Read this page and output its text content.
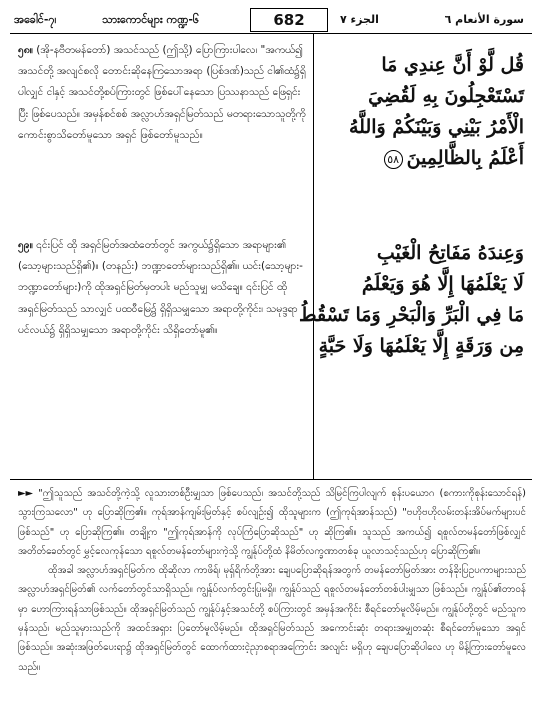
အခေါင်-၇၊	သားကောင်များ ကဏ္ဍ-၆	682	الجزء ٧	سورة الأنعام ٦

၅၈။ (အို-နဗီတမန်တော်) အသင်သည် (ဤသို့) ပြောကြားပါလေ၊ "အကယ်၍ အသင်တို့ အလျင်စလို တောင်းဆိုနေကြသောအရာ (ပြစ်ဒဏ်)သည် ငါ၏ထံ၌ရှိပါလျှင် ငါနှင့် အသင်တို့စပ်ကြားတွင် ဖြစ်ပေါ်နေသော ပြဿနာသည် ဖြေရှင်းပြီး ဖြစ်ပေသည်။ အမှန်စင်စစ် အလ္လာဟ်အရှင်မြတ်သည် မတရားသောသူတို့ကို ကောင်းစွာသိတော်မူသော အရှင် ဖြစ်တော်မူသည်။

قُل لَّوْ أَنَّ عِندِي مَا

تَسْتَعْجِلُونَ بِهِ لَقُضِيَ

الْأَمْرُ بَيْنِي وَبَيْنَكُمْ وَاللَّهُ

أَعْلَمُ بِالظَّالِمِينَ٥٨

၅၉။ ၎င်းပြင် ထို အရှင်မြတ်အထံတော်တွင် အကွယ်၌ရှိသော အရာများ၏ (သော့များသည်ရှိ၏)။ (တနည်း) ဘဏ္ဍာတော်များသည်ရှိ၏။ ယင်း(သော့များ-ဘဏ္ဍာတော်များ)ကို ထိုအရှင်မြတ်မှတပါး မည်သူမျှ မသိချေ။ ၎င်းပြင် ထိုအရှင်မြတ်သည် သာလျှင် ပထဝီမြေ၌ ရှိရှိသမျှသော အရာတို့ကိုင်း၊ သမုဒ္ဒရာ ပင်လယ်၌ ရှိရှိသမျှသော အရာတို့ကိုင်း သိရှိတော်မူ၏။

وَعِندَهُ مَفَاتِحُ الْغَيْبِ

لَا يَعْلَمُهَا إِلَّا هُوَ وَيَعْلَمُ

مَا فِي الْبَرِّ وَالْبَحْرِ وَمَا تَسْقُطُ

مِن وَرَقَةٍ إِلَّا يَعْلَمُهَا وَلَا حَبَّةٍ

►► "ဤသူသည် အသင်တို့ကဲ့သို့ လူသားတစ်ဦးမျှသာ ဖြစ်ပေသည်၊ အသင်တို့သည် သိမြင်ကြပါလျက် စုန်းပယောဂ (စကားကိုစုန်းသောင်ရန်) သွားကြသလော" ဟု ပြောဆိုကြ၏။ ကုရ်အာန်ကျမ်းမြတ်နှင့် စပ်လျဉ်း၍ ထိုသူများက (ဤကုရ်အာန်သည်) "ဗဟိုဗဟိုလမ်းတန်းအိပ်မက်များပင်ဖြစ်သည်" ဟု ပြောဆိုကြ၏။ တချို့က "ဤကုရ်အာန်ကို လုပ်ကြံပြောဆိုသည်" ဟု ဆိုကြ၏။ သူသည် အကယ်၍ ရစူလ်တမန်တော်ဖြစ်လျှင် အတိတ်ခေတ်တွင် မွှင့်လေကုန်သော ရစူလ်တမန်တော်များကဲ့သို့ ကျွန်ုပ်တို့ထံ နိမိတ်လက္ခဏာတစ်ခု ယူလာသင့်သည်ဟု ပြောဆိုကြ၏။

ထိုအခါ အလ္လာဟ်အရှင်မြတ်က ထိုဆိုလာ ကာဖိရ်၊ မုရှ်ရိက်တို့အား ချေပပြောဆိုရန်အတွက် တမန်တော်မြတ်အား တန်ခိုးပြဥပကာများသည် အလ္လာဟ်အရှင်မြတ်၏ လက်တော်တွင်သာရှိသည်။ ကျွန်ုပ်လက်တွင်းပြုမရှိ။ ကျွန်ုပ်သည် ရစူလ်တမန်တော်တစ်ပါးမျှသာ ဖြစ်သည်။ ကျွန်ုပ်၏တာဝန်မှာ ဟောကြားရန်သာဖြစ်သည်။ ထိုအရှင်မြတ်သည် ကျွန်ုပ်နှင့်အသင်တို့ စပ်ကြားတွင် အမှန်အကိုင်း စီရင်တော်မူလိမ့်မည်။ ကျွန်ုပ်တို့တွင် မည်သူကမှန်သည်၊ မည်သူမှားသည်ကို အထင်အရှား ပြတော်မူလိမ့်မည်။ ထိုအရှင်မြတ်သည် အကောင်းဆုံး တရားအမျှတဆုံး စီရင်တော်မူသော အရှင်ဖြစ်သည်။ အဆုံးအဖြတ်ပေးရာ၌ ထိုအရှင်မြတ်တွင် ထောက်ထားငဲ့ညှာစရာအကြောင်း အလျင်း မရှိဟု ချေပပြောဆိုပါလေ ဟု မိန့်ကြားတော်မူလေသည်။
